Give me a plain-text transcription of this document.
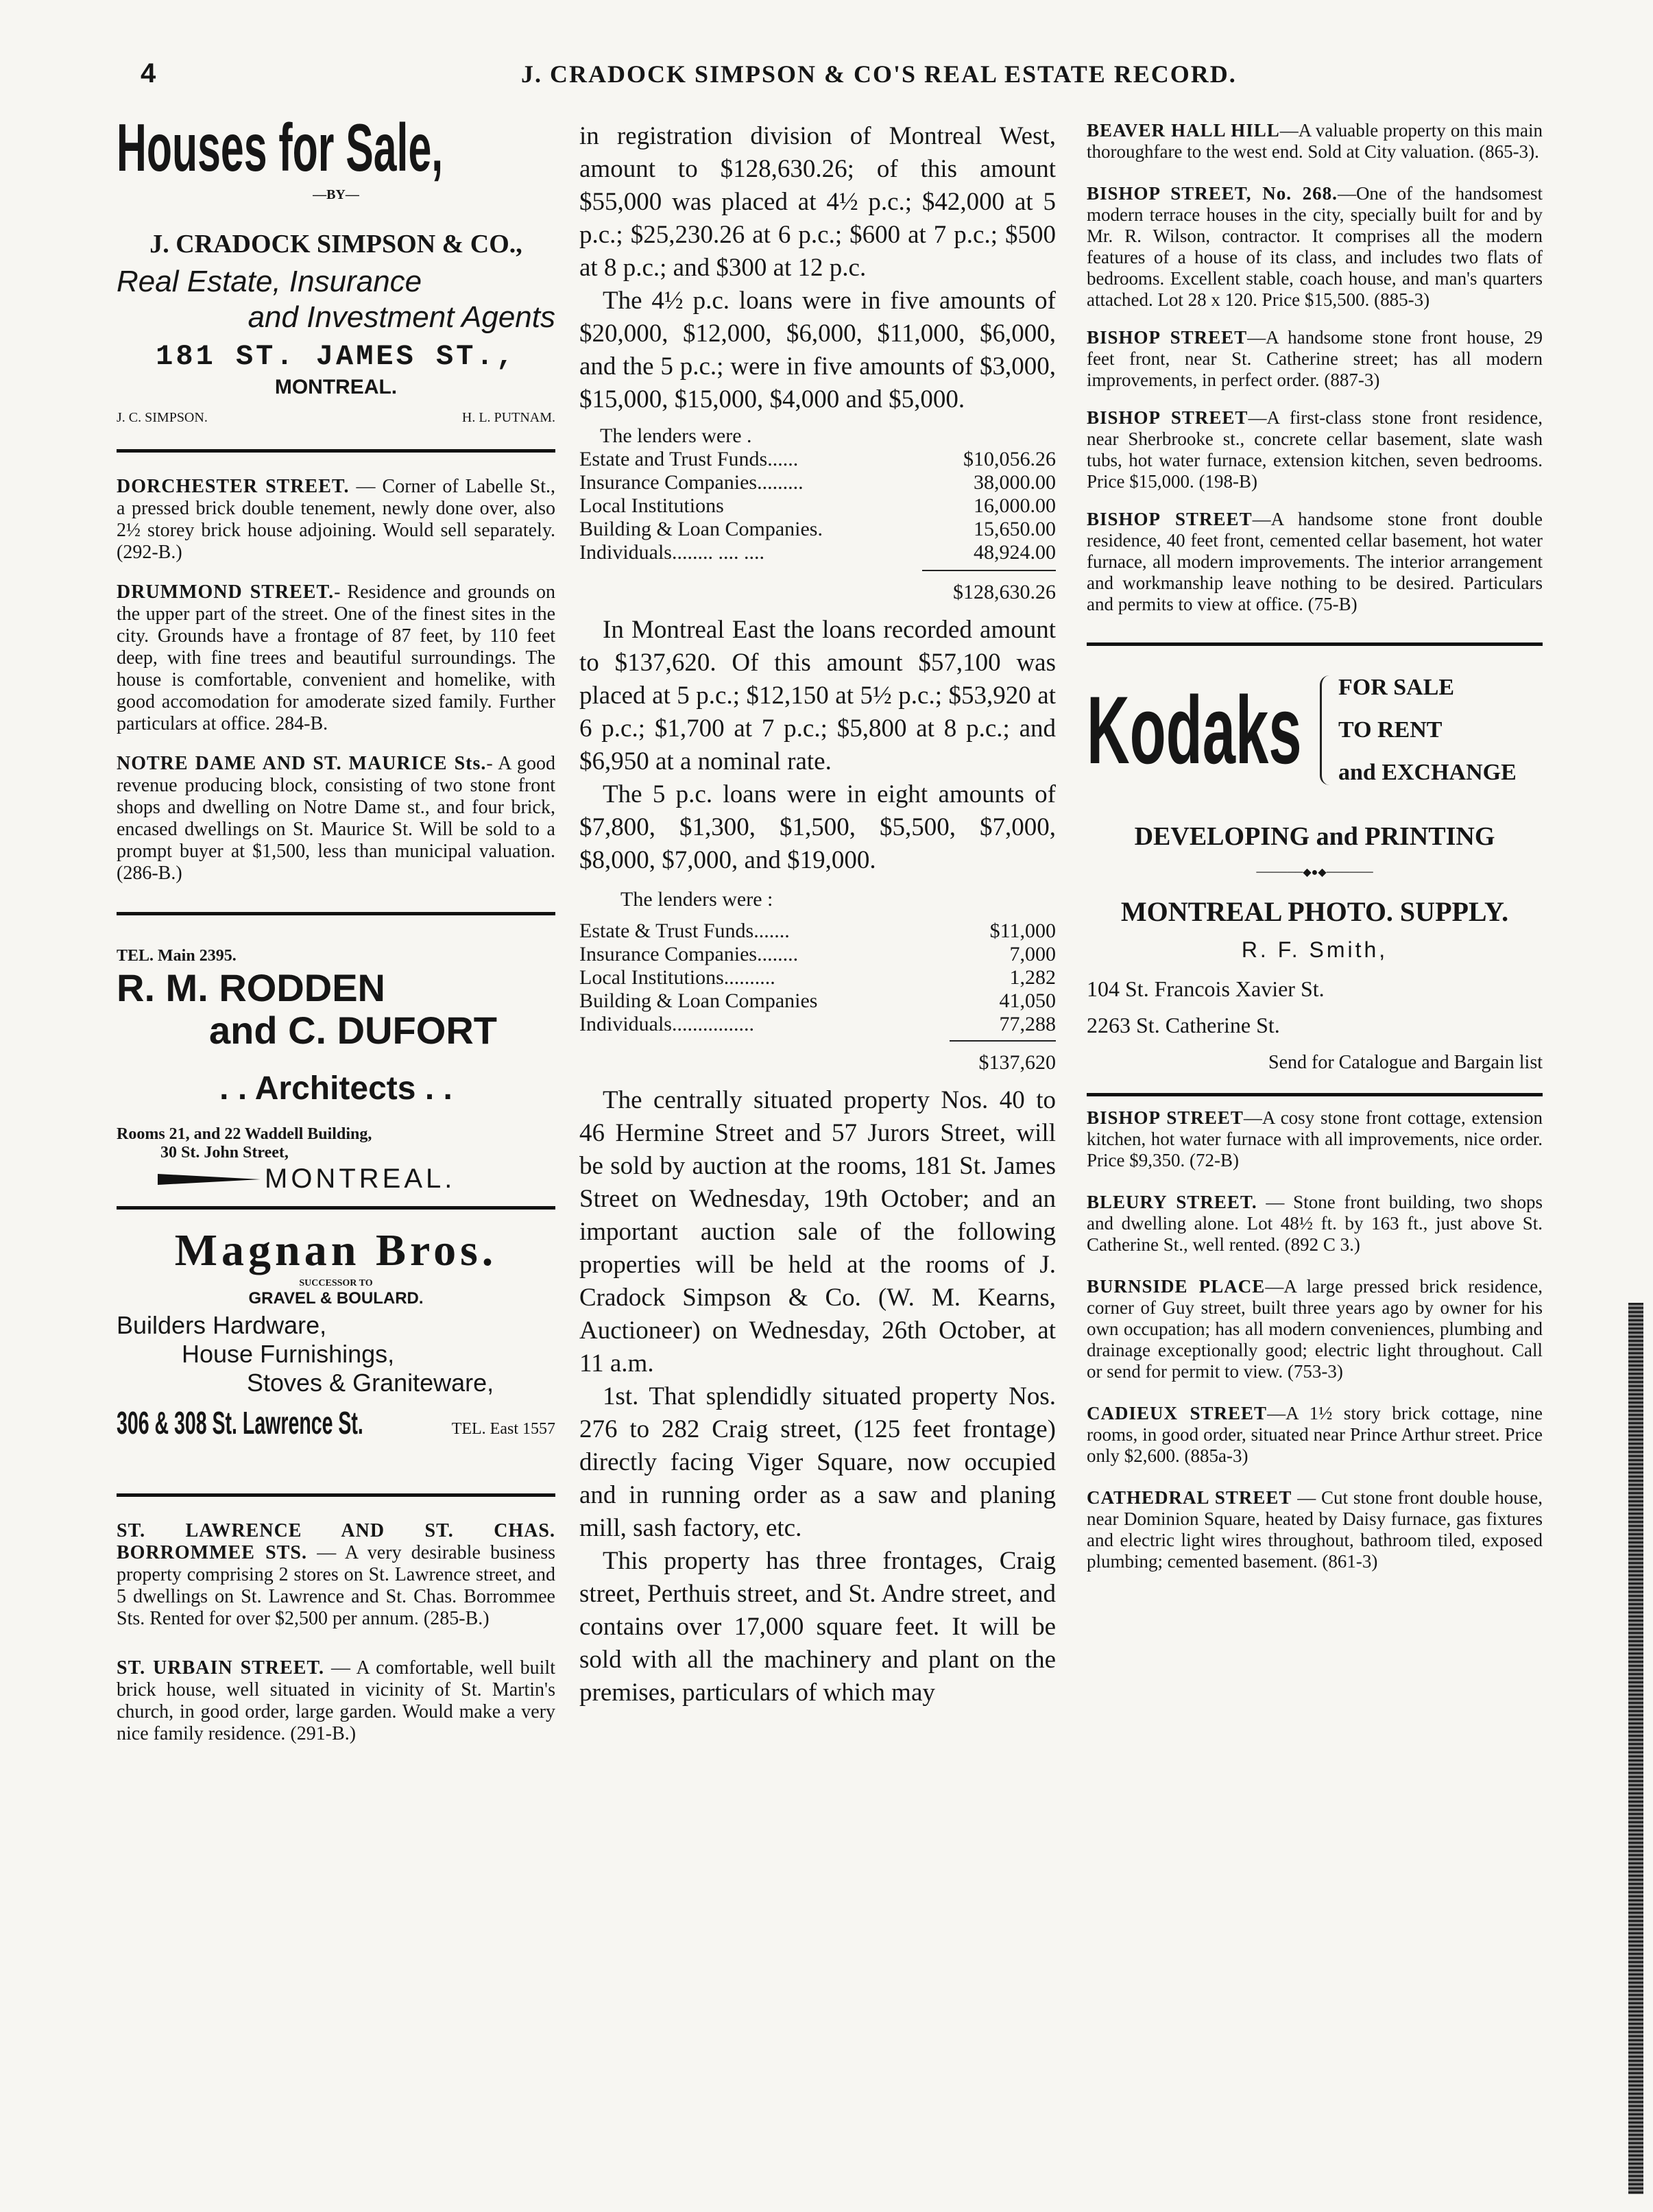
4	J. CRADOCK SIMPSON & CO'S REAL ESTATE RECORD.
Houses for Sale,
—BY—
J. CRADOCK SIMPSON & CO.,
Real Estate, Insurance
and Investment Agents
181 ST. JAMES ST.,
MONTREAL.
J. C. SIMPSON.	H. L. PUTNAM.
DORCHESTER STREET. — Corner of Labelle St., a pressed brick double tenement, newly done over, also 2½ storey brick house adjoining. Would sell separately. (292-B.)
DRUMMOND STREET.- Residence and grounds on the upper part of the street. One of the finest sites in the city. Grounds have a frontage of 87 feet, by 110 feet deep, with fine trees and beautiful surroundings. The house is comfortable, convenient and homelike, with good accomodation for amoderate sized family. Further particulars at office. 284-B.
NOTRE DAME AND ST. MAURICE Sts.- A good revenue producing block, consisting of two stone front shops and dwelling on Notre Dame st., and four brick, encased dwellings on St. Maurice St. Will be sold to a prompt buyer at $1,500, less than municipal valuation. (286-B.)
TEL. Main 2395.
R. M. RODDEN
and C. DUFORT
. . Architects . .
Rooms 21, and 22 Waddell Building,
30 St. John Street,
MONTREAL.
Magnan Bros.
SUCCESSOR TO
GRAVEL & BOULARD.
Builders Hardware,
House Furnishings,
Stoves & Graniteware,
306 & 308 St. Lawrence St.	TEL. East 1557
ST. LAWRENCE AND ST. CHAS. BORROMMEE STS. — A very desirable business property comprising 2 stores on St. Lawrence street, and 5 dwellings on St. Lawrence and St. Chas. Borrommee Sts. Rented for over $2,500 per annum. (285-B.)
ST. URBAIN STREET. — A comfortable, well built brick house, well situated in vicinity of St. Martin's church, in good order, large garden. Would make a very nice family residence. (291-B.)

in registration division of Montreal West, amount to $128,630.26; of this amount $55,000 was placed at 4½ p.c.; $42,000 at 5 p.c.; $25,230.26 at 6 p.c.; $600 at 7 p.c.; $500 at 8 p.c.; and $300 at 12 p.c.

The 4½ p.c. loans were in five amounts of $20,000, $12,000, $6,000, $11,000, $6,000, and the 5 p.c.; were in five amounts of $3,000, $15,000, $15,000, $4,000 and $5,000.

The lenders were .
Estate and Trust Funds......	$10,056.26
Insurance Companies.........	38,000.00
Local Institutions	16,000.00
Building & Loan Companies.	15,650.00
Individuals........ .... ....	48,924.00
$128,630.26

In Montreal East the loans recorded amount to $137,620. Of this amount $57,100 was placed at 5 p.c.; $12,150 at 5½ p.c.; $53,920 at 6 p.c.; $1,700 at 7 p.c.; $5,800 at 8 p.c.; and $6,950 at a nominal rate.

The 5 p.c. loans were in eight amounts of $7,800, $1,300, $1,500, $5,500, $7,000, $8,000, $7,000, and $19,000.

The lenders were :
Estate & Trust Funds.......	$11,000
Insurance Companies........	7,000
Local Institutions..........	1,282
Building & Loan Companies	41,050
Individuals................	77,288
$137,620

The centrally situated property Nos. 40 to 46 Hermine Street and 57 Jurors Street, will be sold by auction at the rooms, 181 St. James Street on Wednesday, 19th October; and an important auction sale of the following properties will be held at the rooms of J. Cradock Simpson & Co. (W. M. Kearns, Auctioneer) on Wednesday, 26th October, at 11 a.m.

1st. That splendidly situated property Nos. 276 to 282 Craig street, (125 feet frontage) directly facing Viger Square, now occupied and in running order as a saw and planing mill, sash factory, etc.

This property has three frontages, Craig street, Perthuis street, and St. Andre street, and contains over 17,000 square feet. It will be sold with all the machinery and plant on the premises, particulars of which may

BEAVER HALL HILL—A valuable property on this main thoroughfare to the west end. Sold at City valuation. (865-3).
BISHOP STREET, No. 268.—One of the handsomest modern terrace houses in the city, specially built for and by Mr. R. Wilson, contractor. It comprises all the modern features of a house of its class, and includes two flats of bedrooms. Excellent stable, coach house, and man's quarters attached. Lot 28 x 120. Price $15,500. (885-3)
BISHOP STREET—A handsome stone front house, 29 feet front, near St. Catherine street; has all modern improvements, in perfect order. (887-3)
BISHOP STREET—A first-class stone front residence, near Sherbrooke st., concrete cellar basement, slate wash tubs, hot water furnace, extension kitchen, seven bedrooms. Price $15,000. (198-B)
BISHOP STREET—A handsome stone front double residence, 40 feet front, cemented cellar basement, hot water furnace, all modern improvements. The interior arrangement and workmanship leave nothing to be desired. Particulars and permits to view at office. (75-B)
Kodaks	FOR SALE
TO RENT
and EXCHANGE
DEVELOPING and PRINTING
──────◆●◆──────
MONTREAL PHOTO. SUPPLY.
R. F. Smith,
104 St. Francois Xavier St.
2263 St. Catherine St.
Send for Catalogue and Bargain list
BISHOP STREET—A cosy stone front cottage, extension kitchen, hot water furnace with all improvements, nice order. Price $9,350. (72-B)
BLEURY STREET. — Stone front building, two shops and dwelling alone. Lot 48½ ft. by 163 ft., just above St. Catherine St., well rented. (892 C 3.)
BURNSIDE PLACE—A large pressed brick residence, corner of Guy street, built three years ago by owner for his own occupation; has all modern conveniences, plumbing and drainage exceptionally good; electric light throughout. Call or send for permit to view. (753-3)
CADIEUX STREET—A 1½ story brick cottage, nine rooms, in good order, situated near Prince Arthur street. Price only $2,600. (885a-3)
CATHEDRAL STREET — Cut stone front double house, near Dominion Square, heated by Daisy furnace, gas fixtures and electric light wires throughout, bathroom tiled, exposed plumbing; cemented basement. (861-3)
